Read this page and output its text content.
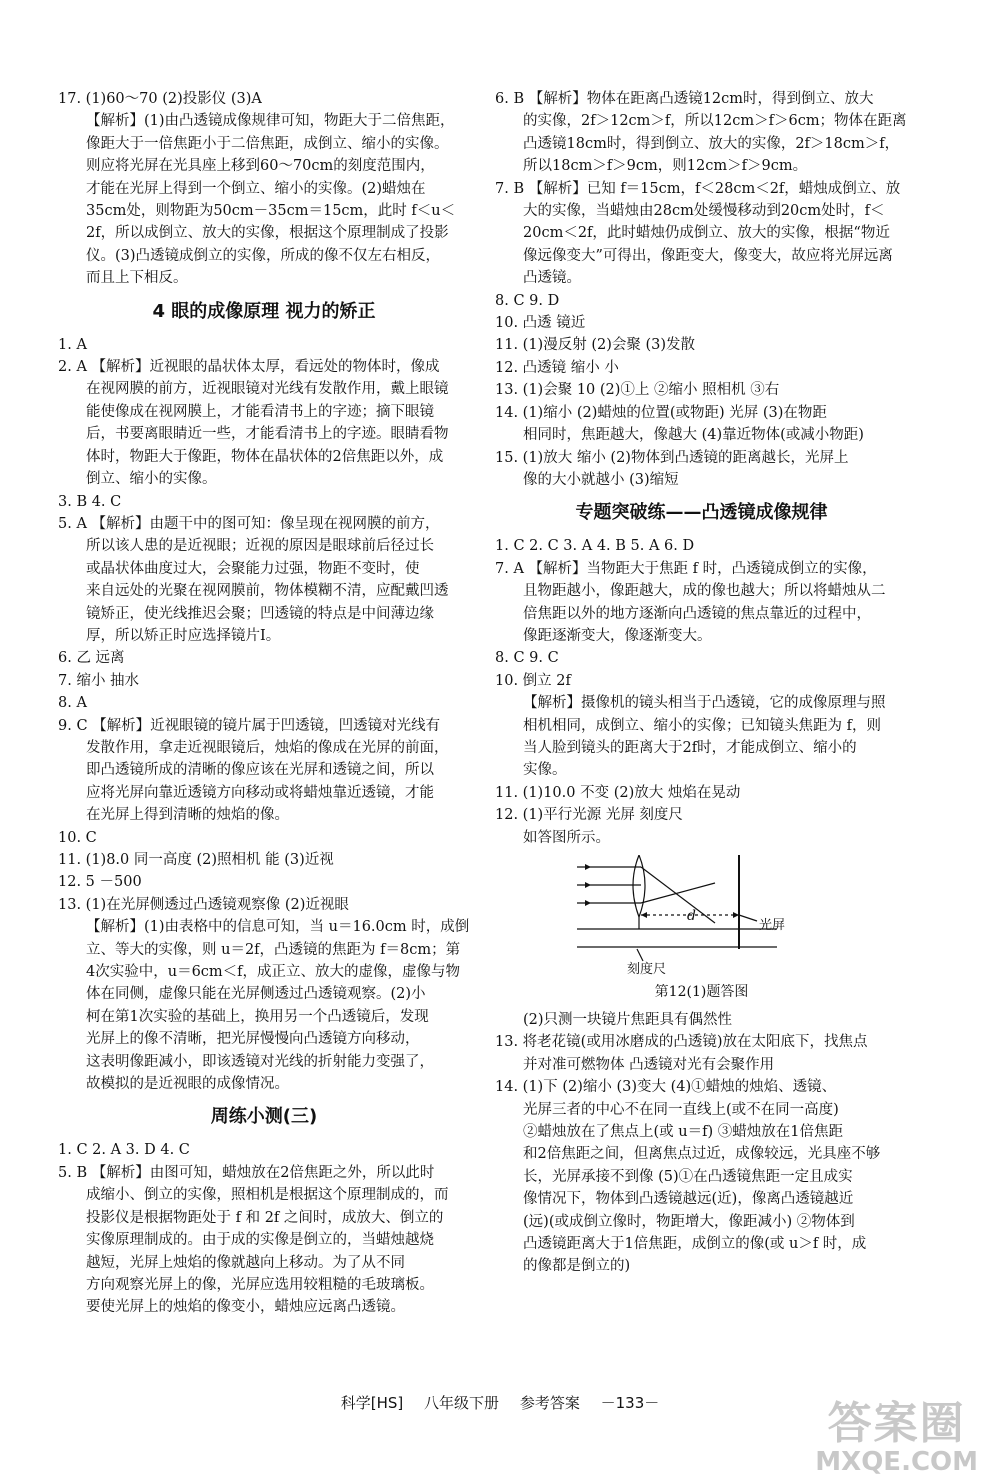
17. (1)60～70 (2)投影仪 (3)A
【解析】(1)由凸透镜成像规律可知，物距大于二倍焦距，
像距大于一倍焦距小于二倍焦距，成倒立、缩小的实像。
则应将光屏在光具座上移到60～70cm的刻度范围内，
才能在光屏上得到一个倒立、缩小的实像。(2)蜡烛在
35cm处，则物距为50cm－35cm＝15cm，此时 f＜u＜
2f，所以成倒立、放大的实像，根据这个原理制成了投影
仪。(3)凸透镜成倒立的实像，所成的像不仅左右相反，
而且上下相反。
4 眼的成像原理 视力的矫正
1. A
2. A 【解析】近视眼的晶状体太厚，看远处的物体时，像成
在视网膜的前方，近视眼镜对光线有发散作用，戴上眼镜
能使像成在视网膜上，才能看清书上的字迹；摘下眼镜
后，书要离眼睛近一些，才能看清书上的字迹。眼睛看物
体时，物距大于像距，物体在晶状体的2倍焦距以外，成
倒立、缩小的实像。
3. B 4. C
5. A 【解析】由题干中的图可知：像呈现在视网膜的前方，
所以该人患的是近视眼；近视的原因是眼球前后径过长
或晶状体曲度过大，会聚能力过强，物距不变时，使
来自远处的光聚在视网膜前，物体模糊不清，应配戴凹透
镜矫正，使光线推迟会聚；凹透镜的特点是中间薄边缘
厚，所以矫正时应选择镜片Ⅰ。
6. 乙 远离
7. 缩小 抽水
8. A
9. C 【解析】近视眼镜的镜片属于凹透镜，凹透镜对光线有
发散作用，拿走近视眼镜后，烛焰的像成在光屏的前面，
即凸透镜所成的清晰的像应该在光屏和透镜之间，所以
应将光屏向靠近透镜方向移动或将蜡烛靠近透镜，才能
在光屏上得到清晰的烛焰的像。
10. C
11. (1)8.0 同一高度 (2)照相机 能 (3)近视
12. 5 －500
13. (1)在光屏侧透过凸透镜观察像 (2)近视眼
【解析】(1)由表格中的信息可知，当 u＝16.0cm 时，成倒
立、等大的实像，则 u＝2f，凸透镜的焦距为 f＝8cm；第
4次实验中，u＝6cm＜f，成正立、放大的虚像，虚像与物
体在同侧，虚像只能在光屏侧透过凸透镜观察。(2)小
柯在第1次实验的基础上，换用另一个凸透镜后，发现
光屏上的像不清晰，把光屏慢慢向凸透镜方向移动，
这表明像距减小，即该透镜对光线的折射能力变强了，
故模拟的是近视眼的成像情况。
周练小测(三)
1. C 2. A 3. D 4. C
5. B 【解析】由图可知，蜡烛放在2倍焦距之外，所以此时
成缩小、倒立的实像，照相机是根据这个原理制成的，而
投影仪是根据物距处于 f 和 2f 之间时，成放大、倒立的
实像原理制成的。由于成的实像是倒立的，当蜡烛越烧
越短，光屏上烛焰的像就越向上移动。为了从不同
方向观察光屏上的像，光屏应选用较粗糙的毛玻璃板。
要使光屏上的烛焰的像变小，蜡烛应远离凸透镜。
6. B 【解析】物体在距离凸透镜12cm时，得到倒立、放大
的实像，2f＞12cm＞f，所以12cm＞f＞6cm；物体在距离
凸透镜18cm时，得到倒立、放大的实像，2f＞18cm＞f，
所以18cm＞f＞9cm，则12cm＞f＞9cm。
7. B 【解析】已知 f＝15cm，f＜28cm＜2f，蜡烛成倒立、放
大的实像，当蜡烛由28cm处缓慢移动到20cm处时，f＜
20cm＜2f，此时蜡烛仍成倒立、放大的实像，根据“物近
像远像变大”可得出，像距变大，像变大，故应将光屏远离
凸透镜。
8. C 9. D
10. 凸透 镜近
11. (1)漫反射 (2)会聚 (3)发散
12. 凸透镜 缩小 小
13. (1)会聚 10 (2)①上 ②缩小 照相机 ③右
14. (1)缩小 (2)蜡烛的位置(或物距) 光屏 (3)在物距
相同时，焦距越大，像越大 (4)靠近物体(或减小物距)
15. (1)放大 缩小 (2)物体到凸透镜的距离越长，光屏上
像的大小就越小 (3)缩短
专题突破练——凸透镜成像规律
1. C 2. C 3. A 4. B 5. A 6. D
7. A 【解析】当物距大于焦距 f 时，凸透镜成倒立的实像，
且物距越小，像距越大，成的像也越大；所以将蜡烛从二
倍焦距以外的地方逐渐向凸透镜的焦点靠近的过程中，
像距逐渐变大，像逐渐变大。
8. C 9. C
10. 倒立 2f
【解析】摄像机的镜头相当于凸透镜，它的成像原理与照
相机相同，成倒立、缩小的实像；已知镜头焦距为 f，则
当人脸到镜头的距离大于2f时，才能成倒立、缩小的
实像。
11. (1)10.0 不变 (2)放大 烛焰在晃动
12. (1)平行光源 光屏 刻度尺
如答图所示。
d
光屏
刻度尺
第12(1)题答图
(2)只测一块镜片焦距具有偶然性
13. 将老花镜(或用冰磨成的凸透镜)放在太阳底下，找焦点
并对准可燃物体 凸透镜对光有会聚作用
14. (1)下 (2)缩小 (3)变大 (4)①蜡烛的烛焰、透镜、
光屏三者的中心不在同一直线上(或不在同一高度)
②蜡烛放在了焦点上(或 u＝f) ③蜡烛放在1倍焦距
和2倍焦距之间，但离焦点过近，成像较远，光具座不够
长，光屏承接不到像 (5)①在凸透镜焦距一定且成实
像情况下，物体到凸透镜越远(近)，像离凸透镜越近
(远)(或成倒立像时，物距增大，像距减小) ②物体到
凸透镜距离大于1倍焦距，成倒立的像(或 u＞f 时，成
的像都是倒立的)
科学[HS] 八年级下册 参考答案 －133－	答案圈
MXQE.COM
